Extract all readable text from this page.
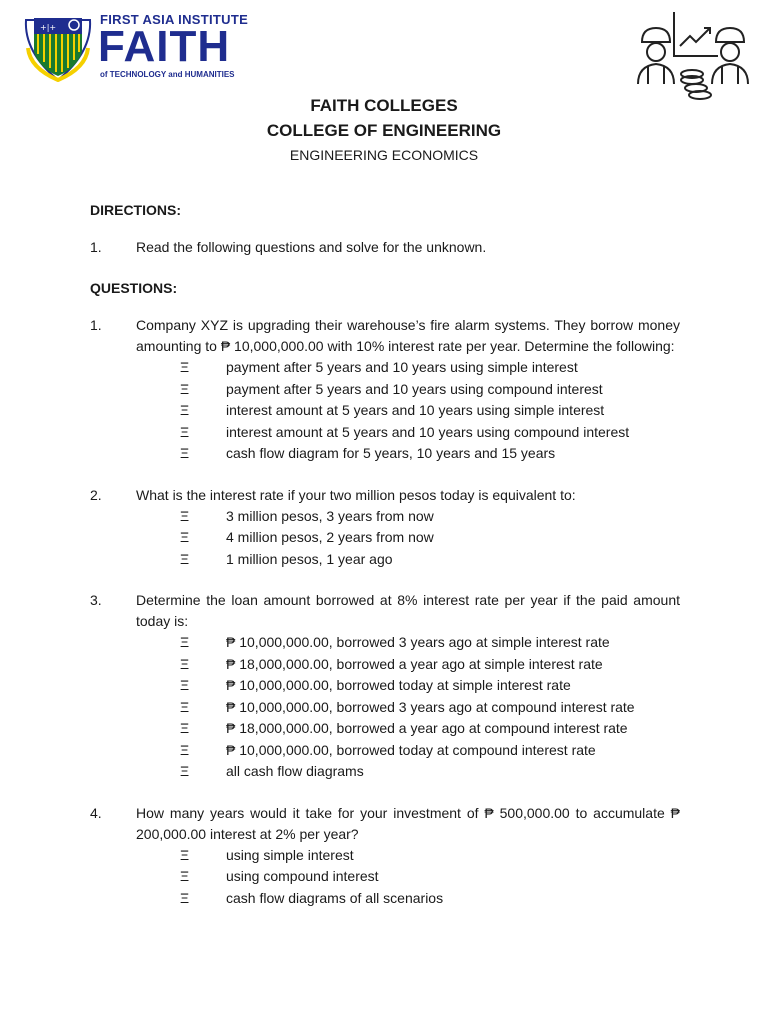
+|+
FIRST ASIA INSTITUTE
FAITH
of TECHNOLOGY and HUMANITIES
FAITH COLLEGES
COLLEGE OF ENGINEERING
ENGINEERING ECONOMICS
DIRECTIONS:
1. Read the following questions and solve for the unknown.
QUESTIONS:
1. Company XYZ is upgrading their warehouse’s fire alarm systems. They borrow money amounting to ₱ 10,000,000.00 with 10% interest rate per year. Determine the following:
Ξ	payment after 5 years and 10 years using simple interest
Ξ	payment after 5 years and 10 years using compound interest
Ξ	interest amount at 5 years and 10 years using simple interest
Ξ	interest amount at 5 years and 10 years using compound interest
Ξ	cash flow diagram for 5 years, 10 years and 15 years
2. What is the interest rate if your two million pesos today is equivalent to:
Ξ	3 million pesos, 3 years from now
Ξ	4 million pesos, 2 years from now
Ξ	1 million pesos, 1 year ago
3. Determine the loan amount borrowed at 8% interest rate per year if the paid amount today is:
Ξ	₱ 10,000,000.00, borrowed 3 years ago at simple interest rate
Ξ	₱ 18,000,000.00, borrowed a year ago at simple interest rate
Ξ	₱ 10,000,000.00, borrowed today at simple interest rate
Ξ	₱ 10,000,000.00, borrowed 3 years ago at compound interest rate
Ξ	₱ 18,000,000.00, borrowed a year ago at compound interest rate
Ξ	₱ 10,000,000.00, borrowed today at compound interest rate
Ξ	all cash flow diagrams
4. How many years would it take for your investment of ₱ 500,000.00 to accumulate ₱ 200,000.00 interest at 2% per year?
Ξ	using simple interest
Ξ	using compound interest
Ξ	cash flow diagrams of all scenarios
